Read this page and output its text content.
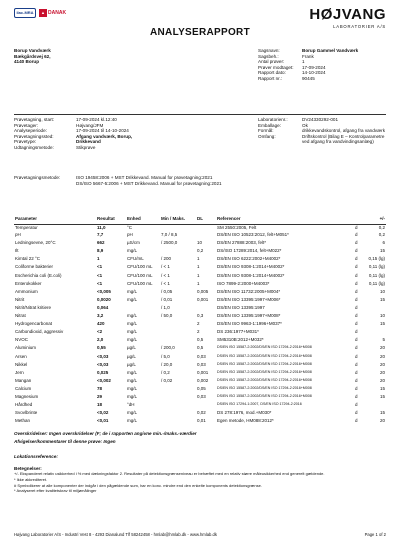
ilac-MRA	▲ DANAK	HØJVANG
LABORATORIER A/S
ANALYSERAPPORT
Borup Vandværk
Bækgårdsvej 62,
4140 Borup
Sagsnavn:	Borup Gammel Vandværk
Sagsbeh.:	Frank
Antal prøver:	1
Prøver modtaget:	17-09-2024
Rapport dato:	14-10-2024
Rapport nr.:	90445
Prøvetagning, start:	17-09-2024 kl.12:40
Prøvetager:	Højvang/JFM
Analyseperiode:	17-09-2024 til 14-10-2024
Prøvetagningssted:	Afgang vandværk, Borup,
Prøvetype:	Drikkevand
Udtagningsmetode:	Stikprøve
Laboratorienr.:	DV24330292-001
Emballage:	Ok
Formål:	drikkevandskontrol, afgang fra vandværk
Omfang:	Driftskontrol (Bilag E – Kontrolparametre ved afgang fra vandvindingsanlæg)
Prøvetagningsmetode:	ISO 19458:2006 + MST Drikkevand. Manual for prøvetagning:2021
DS/ISO 5667-5:2006 + MST Drikkevand. Manual for prøvetagning:2021
Parameter	Resultat	Enhed	Min / Maks.	DL	Referencer		+/-
Temperatur	11,0	°C			SM 2550:2005, Felt	d	0,2
pH	7,7	pH	7,0 / 8,5		DS/EN ISO 10523:2012, felt+M051*	d	0,2
Ledningsevne, 20°C	662	µS/cm	/ 2500,0	10	DS/EN 27888:2003, felt*	d	6
Ilt	8,9	mg/L		0,2	DS/ISO 17289:2014, felt+M022*	d	15
Kimtal 22 °C	1	CFU/mL	/ 200	1	DS/EN ISO 6222:2002+M4002*	d	0,15 (lg)
Coliforme bakterier	<1	CFU/100 mL	/ < 1	1	DS/EN ISO 9308-1:2014+M4002*	d	0,11 (lg)
Escherichia coli (E.coli)	<1	CFU/100 mL	/ < 1	1	DS/EN ISO 9308-1:2014+M4002*	d	0,11 (lg)
Enterokokker	<1	CFU/100 mL	/ < 1	1	ISO 7899-2:2000+M4003*	d	0,11 (lg)
Ammonium	<0,005	mg/L	/ 0,05	0,005	DS/EN ISO 11732:2005+M004*	d	10
Nitrit	0,0020	mg/L	/ 0,01	0,001	DS/EN ISO 13395:1997+M006*	d	15
Nitrit/Nitrat kritiere	0,064		/ 1,0		DS/EN ISO 13395:1997	d	
Nitrat	3,2	mg/L	/ 50,0	0,3	DS/EN ISO 13395:1997+M008*	d	10
Hydrogencarbonat	420	mg/L		2	DS/EN ISO 9963-1:1996+M037*	d	15
Carbondioxid, aggressiv	<2	mg/L		2	DS 236:1977+M031*	d	
NVOC	2,0	mg/L		0,5	SM5310B:2012+M032*	d	5
Aluminium	0,55	µg/L	/ 200,0	0,5	DS/EN ISO 15587-2:2002/DS/EN ISO 17294-2:2016+M008	d	20
Arsen	<0,03	µg/L	/ 5,0	0,03	DS/EN ISO 15587-2:2002/DS/EN ISO 17294-2:2016+M008	d	20
Nikkel	<0,03	µg/L	/ 20,0	0,03	DS/EN ISO 15587-2:2002/DS/EN ISO 17294-2:2016+M008	d	20
Jern	0,025	mg/L	/ 0,2	0,001	DS/EN ISO 15587-2:2002/DS/EN ISO 17294-2:2016+M008	d	20
Mangan	<0,002	mg/L	/ 0,02	0,002	DS/EN ISO 15587-2:2002/DS/EN ISO 17294-2:2016+M008	d	20
Calcium	78	mg/L		0,05	DS/EN ISO 15587-2:2002/DS/EN ISO 17294-2:2016+M008	d	15
Magnesium	29	mg/L		0,03	DS/EN ISO 15587-2:2002/DS/EN ISO 17294-2:2016+M008	d	15
Hårdhed	18	°dH			DS/EN ISO 17294-1:2007, DS/EN ISO 17294-2:2016	d	
Svovlbrinte	<0,02	mg/L		0,02	DS 278:1976, mod.+M030*	d	15
Methan	<0,01	mg/L		0,01	Egen metode, HM088:2012*	d	20

Overskridelser: Ingen overskridelser (F; de i rapporten angivne min.-/maks.-værdier

Afvigelser/kommentarer til denne prøve: Ingen

Lokationsreference:

Betegnelser:

+/- Ekspanderet relativ usikkerhed i % med dækningsfaktor 2. Resultater på detektionsgrænseniveau er behæftet med en relativ større måleusikkerhed end generelt gældende.

* Ikke akkrediteret.

# Symbolikerer at alle komponenter der indgår i den pågældende sum, har en konc. mindre end den enkelte komponents detektionsgrænse.

* Analyseret efter kvalitetskrav til miljømålinger

Højvang Laboratorier A/S - Industri Vest 8 - 4293 Dianalund Tlf 58242458 - hmlab@hmlab.dk - www.hmlab.dk	Page 1 of 2
